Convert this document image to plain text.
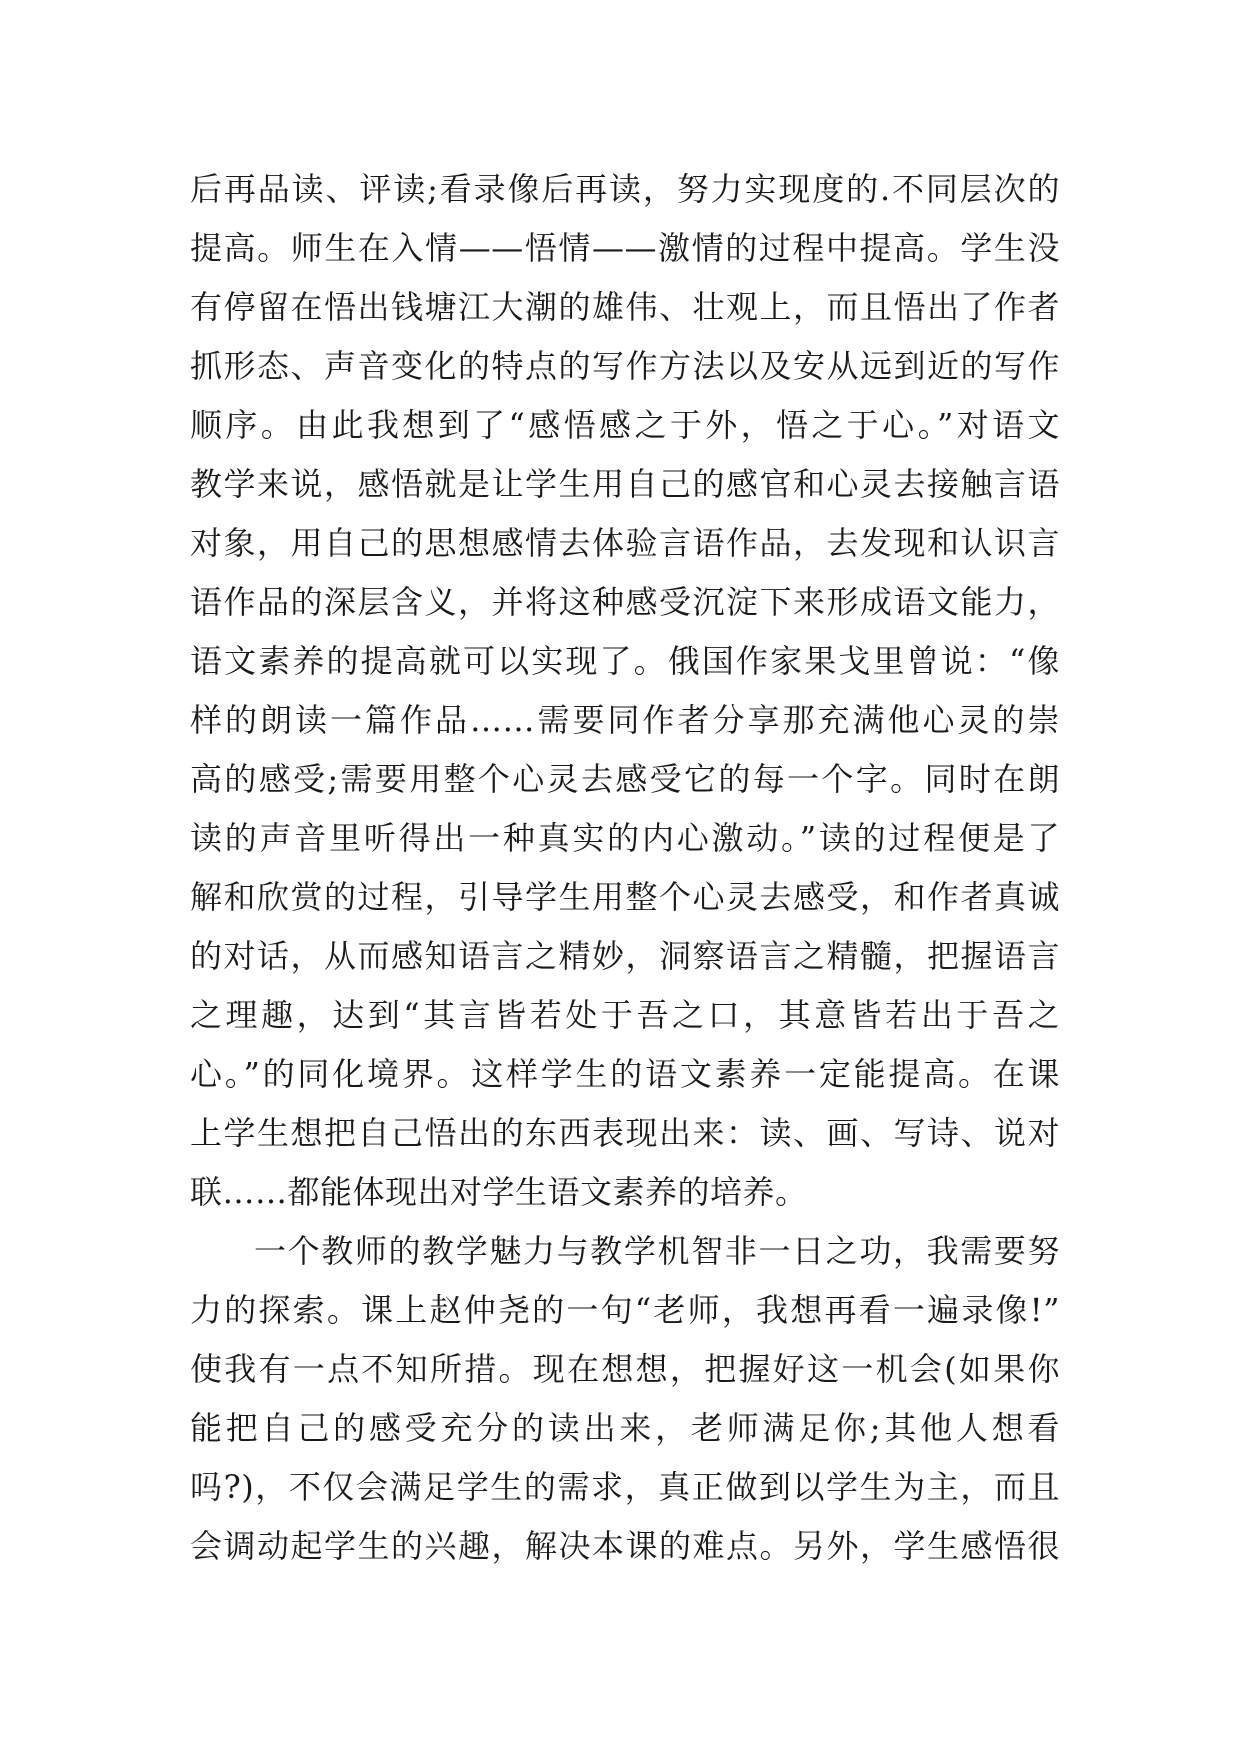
后再品读、评读;看录像后再读，努力实现度的.不同层次的
提高。师生在入情——悟情——激情的过程中提高。学生没
有停留在悟出钱塘江大潮的雄伟、壮观上，而且悟出了作者
抓形态、声音变化的特点的写作方法以及安从远到近的写作
顺序。由此我想到了“感悟感之于外，悟之于心。”对语文
教学来说，感悟就是让学生用自己的感官和心灵去接触言语
对象，用自己的思想感情去体验言语作品，去发现和认识言
语作品的深层含义，并将这种感受沉淀下来形成语文能力，
语文素养的提高就可以实现了。俄国作家果戈里曾说：“像
样的朗读一篇作品……需要同作者分享那充满他心灵的崇
高的感受;需要用整个心灵去感受它的每一个字。同时在朗
读的声音里听得出一种真实的内心激动。”读的过程便是了
解和欣赏的过程，引导学生用整个心灵去感受，和作者真诚
的对话，从而感知语言之精妙，洞察语言之精髓，把握语言
之理趣，达到“其言皆若处于吾之口，其意皆若出于吾之
心。”的同化境界。这样学生的语文素养一定能提高。在课
上学生想把自己悟出的东西表现出来：读、画、写诗、说对
联……都能体现出对学生语文素养的培养。
一个教师的教学魅力与教学机智非一日之功，我需要努
力的探索。课上赵仲尧的一句“老师，我想再看一遍录像!”
使我有一点不知所措。现在想想，把握好这一机会(如果你
能把自己的感受充分的读出来，老师满足你;其他人想看
吗?)，不仅会满足学生的需求，真正做到以学生为主，而且
会调动起学生的兴趣，解决本课的难点。另外，学生感悟很
